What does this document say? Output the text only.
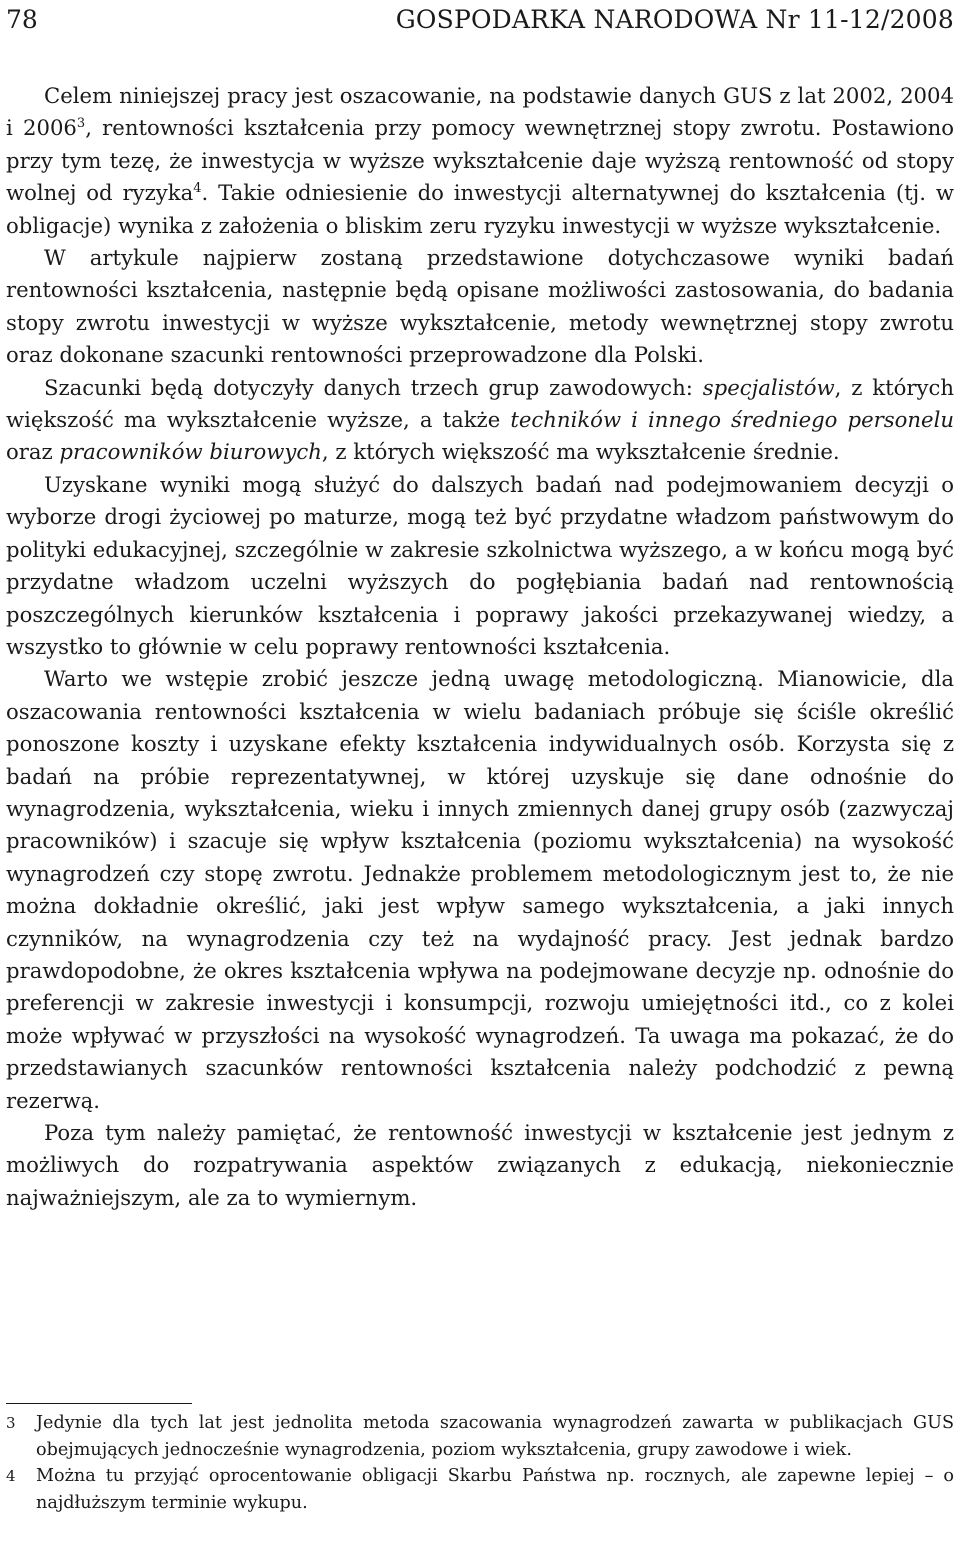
78	GOSPODARKA NARODOWA Nr 11-12/2008

Celem niniejszej pracy jest oszacowanie, na podstawie danych GUS z lat 2002, 2004 i 2006$^3$, rentowności kształcenia przy pomocy wewnętrznej stopy zwrotu. Postawiono przy tym tezę, że inwestycja w wyższe wykształcenie daje wyższą rentowność od stopy wolnej od ryzyka$^4$. Takie odniesienie do inwestycji alternatywnej do kształcenia (tj. w obligacje) wynika z założenia o bliskim zeru ryzyku inwestycji w wyższe wykształcenie.

W artykule najpierw zostaną przedstawione dotychczasowe wyniki badań rentowności kształcenia, następnie będą opisane możliwości zastosowania, do badania stopy zwrotu inwestycji w wyższe wykształcenie, metody wewnętrznej stopy zwrotu oraz dokonane szacunki rentowności przeprowadzone dla Polski.

Szacunki będą dotyczyły danych trzech grup zawodowych: specjalistów, z których większość ma wykształcenie wyższe, a także techników i innego średniego personelu oraz pracowników biurowych, z których większość ma wykształcenie średnie.

Uzyskane wyniki mogą służyć do dalszych badań nad podejmowaniem decyzji o wyborze drogi życiowej po maturze, mogą też być przydatne władzom państwowym do polityki edukacyjnej, szczególnie w zakresie szkolnictwa wyższego, a w końcu mogą być przydatne władzom uczelni wyższych do pogłębiania badań nad rentownością poszczególnych kierunków kształcenia i poprawy jakości przekazywanej wiedzy, a wszystko to głównie w celu poprawy rentowności kształcenia.

Warto we wstępie zrobić jeszcze jedną uwagę metodologiczną. Mianowicie, dla oszacowania rentowności kształcenia w wielu badaniach próbuje się ściśle określić ponoszone koszty i uzyskane efekty kształcenia indywidualnych osób. Korzysta się z badań na próbie reprezentatywnej, w której uzyskuje się dane odnośnie do wynagrodzenia, wykształcenia, wieku i innych zmiennych danej grupy osób (zazwyczaj pracowników) i szacuje się wpływ kształcenia (poziomu wykształcenia) na wysokość wynagrodzeń czy stopę zwrotu. Jednakże problemem metodologicznym jest to, że nie można dokładnie określić, jaki jest wpływ samego wykształcenia, a jaki innych czynników, na wynagrodzenia czy też na wydajność pracy. Jest jednak bardzo prawdopodobne, że okres kształcenia wpływa na podejmowane decyzje np. odnośnie do preferencji w zakresie inwestycji i konsumpcji, rozwoju umiejętności itd., co z kolei może wpływać w przyszłości na wysokość wynagrodzeń. Ta uwaga ma pokazać, że do przedstawianych szacunków rentowności kształcenia należy podchodzić z pewną rezerwą.

Poza tym należy pamiętać, że rentowność inwestycji w kształcenie jest jednym z możliwych do rozpatrywania aspektów związanych z edukacją, niekoniecznie najważniejszym, ale za to wymiernym.

3 Jedynie dla tych lat jest jednolita metoda szacowania wynagrodzeń zawarta w publikacjach GUS obejmujących jednocześnie wynagrodzenia, poziom wykształcenia, grupy zawodowe i wiek.

4 Można tu przyjąć oprocentowanie obligacji Skarbu Państwa np. rocznych, ale zapewne lepiej – o najdłuższym terminie wykupu.
